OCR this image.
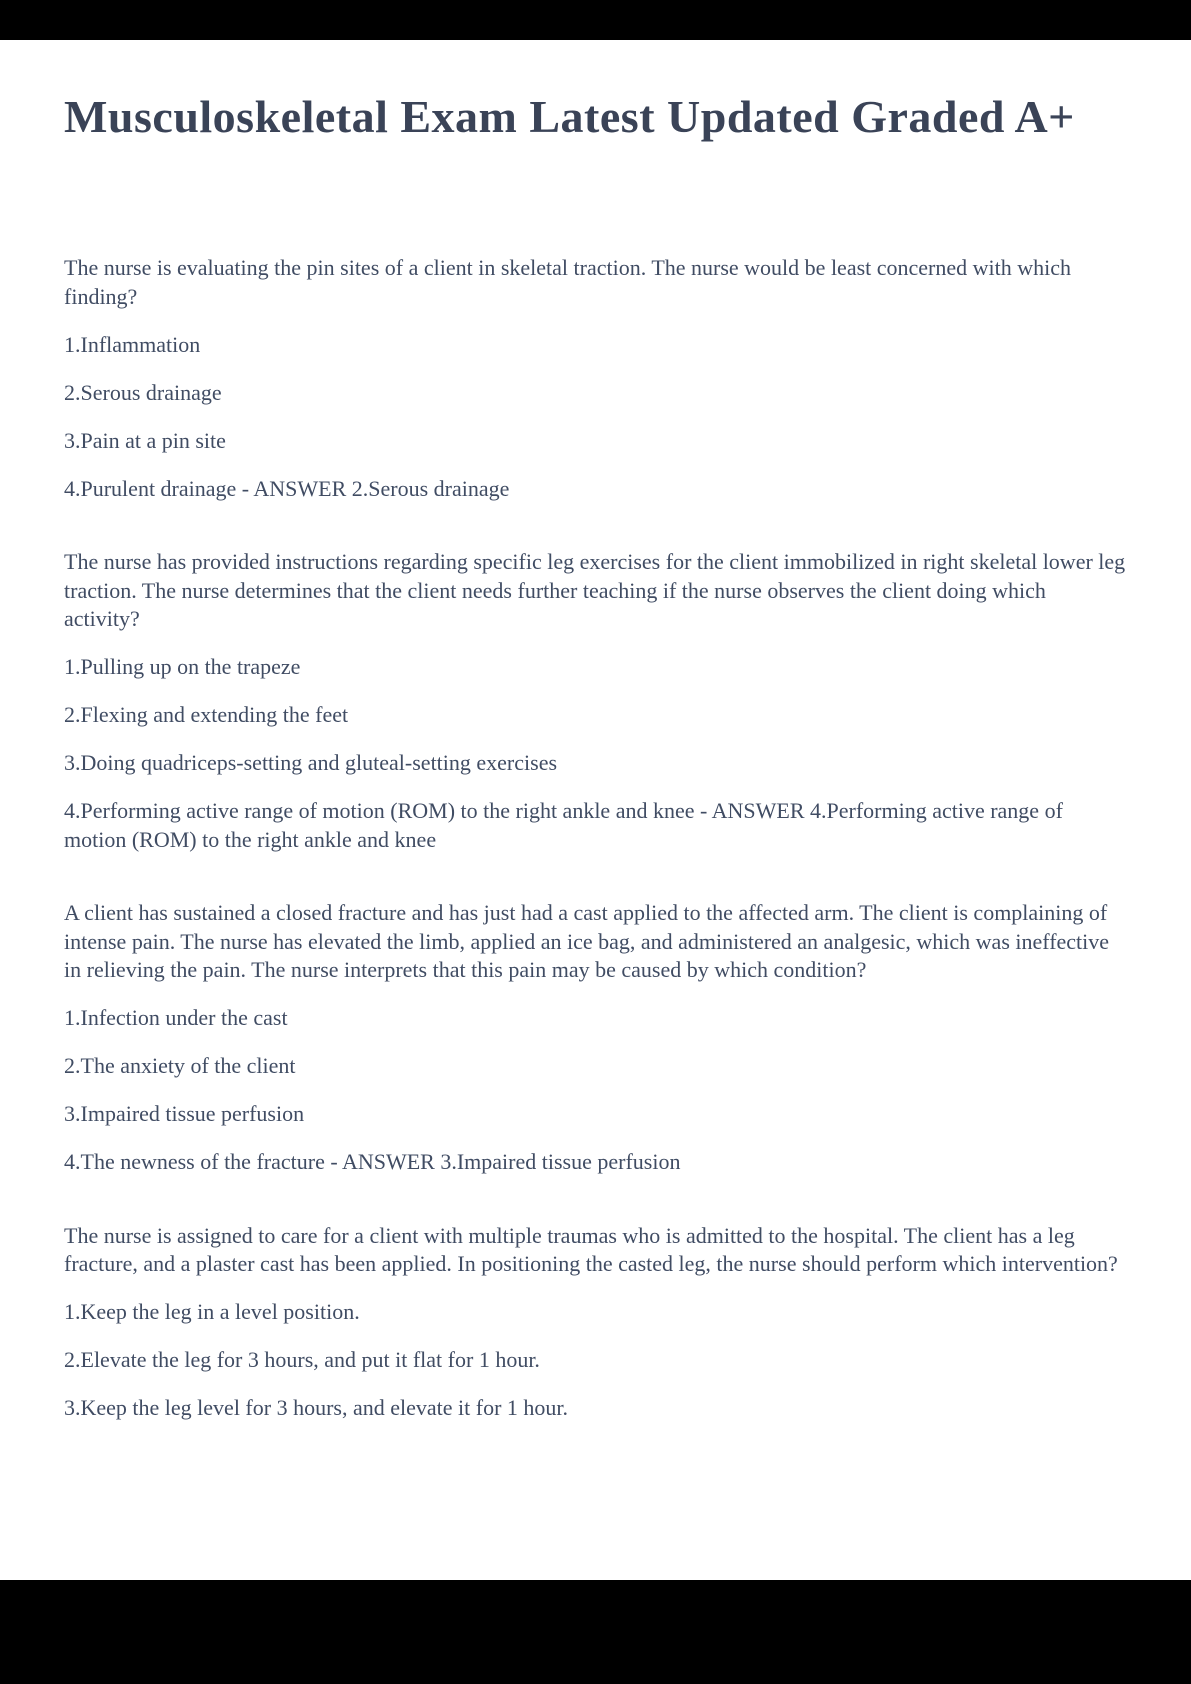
Musculoskeletal Exam Latest Updated Graded A+

The nurse is evaluating the pin sites of a client in skeletal traction. The nurse would be least concerned with which finding?

1.Inflammation

2.Serous drainage

3.Pain at a pin site

4.Purulent drainage - ANSWER 2.Serous drainage

The nurse has provided instructions regarding specific leg exercises for the client immobilized in right skeletal lower leg traction. The nurse determines that the client needs further teaching if the nurse observes the client doing which activity?

1.Pulling up on the trapeze

2.Flexing and extending the feet

3.Doing quadriceps-setting and gluteal-setting exercises

4.Performing active range of motion (ROM) to the right ankle and knee - ANSWER 4.Performing active range of motion (ROM) to the right ankle and knee

A client has sustained a closed fracture and has just had a cast applied to the affected arm. The client is complaining of intense pain. The nurse has elevated the limb, applied an ice bag, and administered an analgesic, which was ineffective in relieving the pain. The nurse interprets that this pain may be caused by which condition?

1.Infection under the cast

2.The anxiety of the client

3.Impaired tissue perfusion

4.The newness of the fracture - ANSWER 3.Impaired tissue perfusion

The nurse is assigned to care for a client with multiple traumas who is admitted to the hospital. The client has a leg fracture, and a plaster cast has been applied. In positioning the casted leg, the nurse should perform which intervention?

1.Keep the leg in a level position.

2.Elevate the leg for 3 hours, and put it flat for 1 hour.

3.Keep the leg level for 3 hours, and elevate it for 1 hour.
